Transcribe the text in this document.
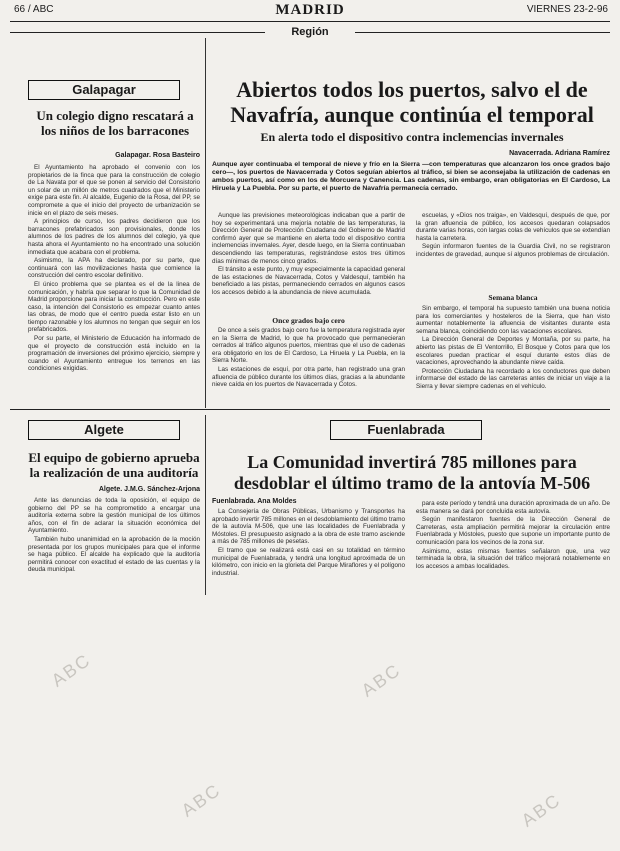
66 / ABC	MADRID	VIERNES 23-2-96
Región
Galapagar
Un colegio digno rescatará a los niños de los barracones
Galapagar. Rosa Basteiro

El Ayuntamiento ha aprobado el convenio con los propietarios de la finca que para la construcción de colegio de La Navata por el que se ponen al servicio del Consistorio un solar de un millón de metros cuadrados que el Ministerio exige para este fin. Al alcalde, Eugenio de la Rosa, del PP, se compromete a que el inicio del proyecto de urbanización se inicie en el plazo de seis meses.

A principios de curso, los padres decidieron que los barracones prefabricados son provisionales, donde los alumnos de los padres de los alumnos del colegio, ya que hasta ahora el Ayuntamiento no ha encontrado una solución inmediata que acabara con el problema.

Asimismo, la APA ha declarado, por su parte, que continuará con las movilizaciones hasta que comience la construcción del centro escolar definitivo.

El único problema que se plantea es el de la linea de comunicación, y habría que separar lo que la Comunidad de Madrid proporcione para iniciar la construcción. Pero en este caso, la intención del Consistorio es empezar cuanto antes las obras, de modo que el centro pueda estar listo en un tiempo razonable y los alumnos no tengan que seguir en los prefabricados.

Por su parte, el Ministerio de Educación ha informado de que el proyecto de construcción está incluido en la programación de inversiones del próximo ejercicio, siempre y cuando el Ayuntamiento entregue los terrenos en las condiciones exigidas.

Abiertos todos los puertos, salvo el de Navafría, aunque continúa el temporal
En alerta todo el dispositivo contra inclemencias invernales
Navacerrada. Adriana Ramírez
Aunque ayer continuaba el temporal de nieve y frío en la Sierra —con temperaturas que alcanzaron los once grados bajo cero—, los puertos de Navacerrada y Cotos seguían abiertos al tráfico, si bien se aconsejaba la utilización de cadenas en ambos puertos, así como en los de Morcuera y Canencia. Las cadenas, sin embargo, eran obligatorias en El Cardoso, La Hiruela y La Puebla. Por su parte, el puerto de Navafría permanecía cerrado.

Aunque las previsiones meteorológicas indicaban que a partir de hoy se experimentará una mejoría notable de las temperaturas, la Dirección General de Protección Ciudadana del Gobierno de Madrid confirmó ayer que se mantiene en alerta todo el dispositivo contra inclemencias invernales. Ayer, desde luego, en la Sierra continuaban descendiendo las temperaturas, registrándose estos tres últimos días mínimas de menos cinco grados.

El tránsito a este punto, y muy especialmente la capacidad general de las estaciones de Navacerrada, Cotos y Valdesquí, también ha beneficiado a las pistas, permaneciendo cerrados en algunos casos los accesos debido a la abundancia de nieve acumulada.

Once grados bajo cero

De once a seis grados bajo cero fue la temperatura registrada ayer en la Sierra de Madrid, lo que ha provocado que permanecieran cerrados al tráfico algunos puertos, mientras que el uso de cadenas era obligatorio en los de El Cardoso, La Hiruela y La Puebla, en la Sierra Norte.

Las estaciones de esquí, por otra parte, han registrado una gran afluencia de público durante los últimos días, gracias a la abundante nieve caída en los puertos de Navacerrada y Cotos.

escuelas, y «Dios nos traiga», en Valdesquí, después de que, por la gran afluencia de público, los accesos quedaran colapsados durante varias horas, con largas colas de vehículos que se extendían hasta la carretera.

Según informaron fuentes de la Guardia Civil, no se registraron incidentes de gravedad, aunque sí algunos problemas de circulación.

Semana blanca

Sin embargo, el temporal ha supuesto también una buena noticia para los comerciantes y hosteleros de la Sierra, que han visto aumentar notablemente la afluencia de visitantes durante esta semana blanca, coincidiendo con las vacaciones escolares.

La Dirección General de Deportes y Montaña, por su parte, ha abierto las pistas de El Ventorrillo, El Bosque y Cotos para que los escolares puedan practicar el esquí durante estos días de vacaciones, aprovechando la abundante nieve caída.

Protección Ciudadana ha recordado a los conductores que deben informarse del estado de las carreteras antes de iniciar un viaje a la Sierra y llevar siempre cadenas en el vehículo.

Algete
El equipo de gobierno aprueba la realización de una auditoría
Algete. J.M.G. Sánchez-Arjona

Ante las denuncias de toda la oposición, el equipo de gobierno del PP se ha comprometido a encargar una auditoría externa sobre la gestión municipal de los últimos años, con el fin de aclarar la situación económica del Ayuntamiento.

También hubo unanimidad en la aprobación de la moción presentada por los grupos municipales para que el informe se haga público. El alcalde ha explicado que la auditoría permitirá conocer con exactitud el estado de las cuentas y la deuda municipal.

Fuenlabrada
La Comunidad invertirá 785 millones para desdoblar el último tramo de la antovía M-506
Fuenlabrada. Ana Moldes

La Consejería de Obras Públicas, Urbanismo y Transportes ha aprobado invertir 785 millones en el desdoblamiento del último tramo de la autovía M-506, que une las localidades de Fuenlabrada y Móstoles. El presupuesto asignado a la obra de este tramo asciende a más de 785 millones de pesetas.

El tramo que se realizará está casi en su totalidad en término municipal de Fuenlabrada, y tendrá una longitud aproximada de un kilómetro, con inicio en la glorieta del Parque Miraflores y el polígono industrial.

para este período y tendrá una duración aproximada de un año. De esta manera se dará por concluida esta autovía.

Según manifestaron fuentes de la Dirección General de Carreteras, esta ampliación permitirá mejorar la circulación entre Fuenlabrada y Móstoles, puesto que supone un importante punto de comunicación para los vecinos de la zona sur.

Asimismo, estas mismas fuentes señalaron que, una vez terminada la obra, la situación del tráfico mejorará notablemente en los accesos a ambas localidades.

ABC	ABC
ABC	ABC
